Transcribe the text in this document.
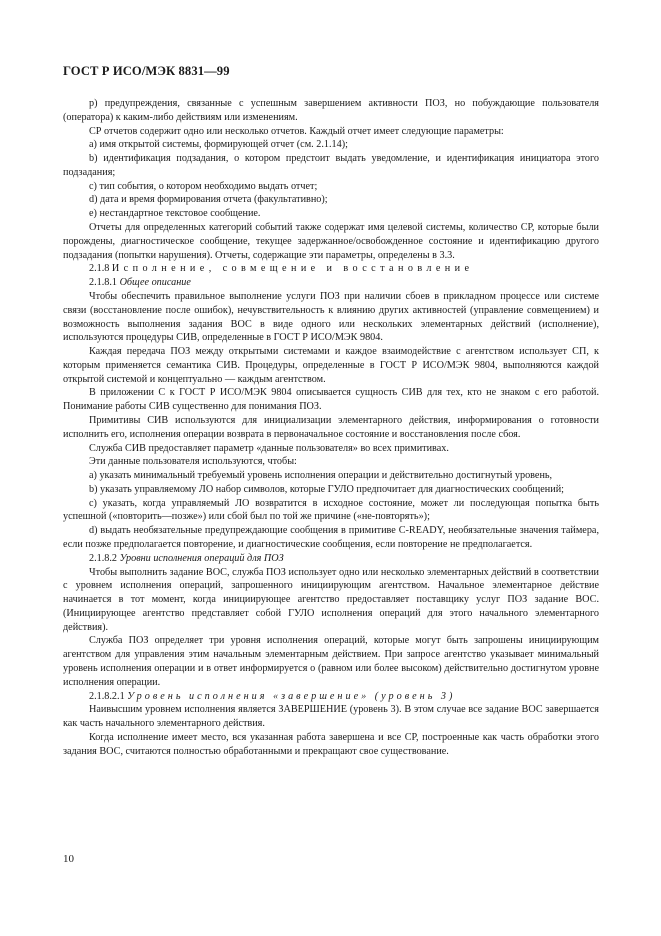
ГОСТ Р ИСО/МЭК 8831—99

р) предупреждения, связанные с успешным завершением активности ПОЗ, но побуждающие пользователя (оператора) к каким-либо действиям или изменениям.

СР отчетов содержит одно или несколько отчетов. Каждый отчет имеет следующие параметры:

а) имя открытой системы, формирующей отчет (см. 2.1.14);

b) идентификация подзадания, о котором предстоит выдать уведомление, и идентификация инициатора этого подзадания;

с) тип события, о котором необходимо выдать отчет;

d) дата и время формирования отчета (факультативно);

е) нестандартное текстовое сообщение.

Отчеты для определенных категорий событий также содержат имя целевой системы, количество СР, которые были порождены, диагностическое сообщение, текущее задержанное/освобожденное состояние и идентификацию другого подзадания (попытки нарушения). Отчеты, содержащие эти параметры, определены в 3.3.

2.1.8 Исполнение, совмещение и восстановление

2.1.8.1 Общее описание

Чтобы обеспечить правильное выполнение услуги ПОЗ при наличии сбоев в прикладном процессе или системе связи (восстановление после ошибок), нечувствительность к влиянию других активностей (управление совмещением) и возможность выполнения задания ВОС в виде одного или нескольких элементарных действий (исполнение), используются процедуры СИВ, определенные в ГОСТ Р ИСО/МЭК 9804.

Каждая передача ПОЗ между открытыми системами и каждое взаимодействие с агентством использует СП, к которым применяется семантика СИВ. Процедуры, определенные в ГОСТ Р ИСО/МЭК 9804, выполняются каждой открытой системой и концептуально — каждым агентством.

В приложении С к ГОСТ Р ИСО/МЭК 9804 описывается сущность СИВ для тех, кто не знаком с его работой. Понимание работы СИВ существенно для понимания ПОЗ.

Примитивы СИВ используются для инициализации элементарного действия, информирования о готовности исполнить его, исполнения операции возврата в первоначальное состояние и восстановления после сбоя.

Служба СИВ предоставляет параметр «данные пользователя» во всех примитивах.

Эти данные пользователя используются, чтобы:

а) указать минимальный требуемый уровень исполнения операции и действительно достигнутый уровень,

b) указать управляемому ЛО набор символов, которые ГУЛО предпочитает для диагностических сообщений;

с) указать, когда управляемый ЛО возвратится в исходное состояние, может ли последующая попытка быть успешной («повторить—позже») или сбой был по той же причине («не-повторять»);

d) выдать необязательные предупреждающие сообщения в примитиве C-READY, необязательные значения таймера, если позже предполагается повторение, и диагностические сообщения, если повторение не предполагается.

2.1.8.2 Уровни исполнения операций для ПОЗ

Чтобы выполнить задание ВОС, служба ПОЗ использует одно или несколько элементарных действий в соответствии с уровнем исполнения операций, запрошенного инициирующим агентством. Начальное элементарное действие начинается в тот момент, когда инициирующее агентство предоставляет поставщику услуг ПОЗ задание ВОС. (Инициирующее агентство представляет собой ГУЛО исполнения операций для этого начального элементарного действия).

Служба ПОЗ определяет три уровня исполнения операций, которые могут быть запрошены инициирующим агентством для управления этим начальным элементарным действием. При запросе агентство указывает минимальный уровень исполнения операции и в ответ информируется о (равном или более высоком) действительно достигнутом уровне исполнения операции.

2.1.8.2.1 Уровень исполнения «завершение» (уровень 3)

Наивысшим уровнем исполнения является ЗАВЕРШЕНИЕ (уровень 3). В этом случае все задание ВОС завершается как часть начального элементарного действия.

Когда исполнение имеет место, вся указанная работа завершена и все СР, построенные как часть обработки этого задания ВОС, считаются полностью обработанными и прекращают свое существование.

10
